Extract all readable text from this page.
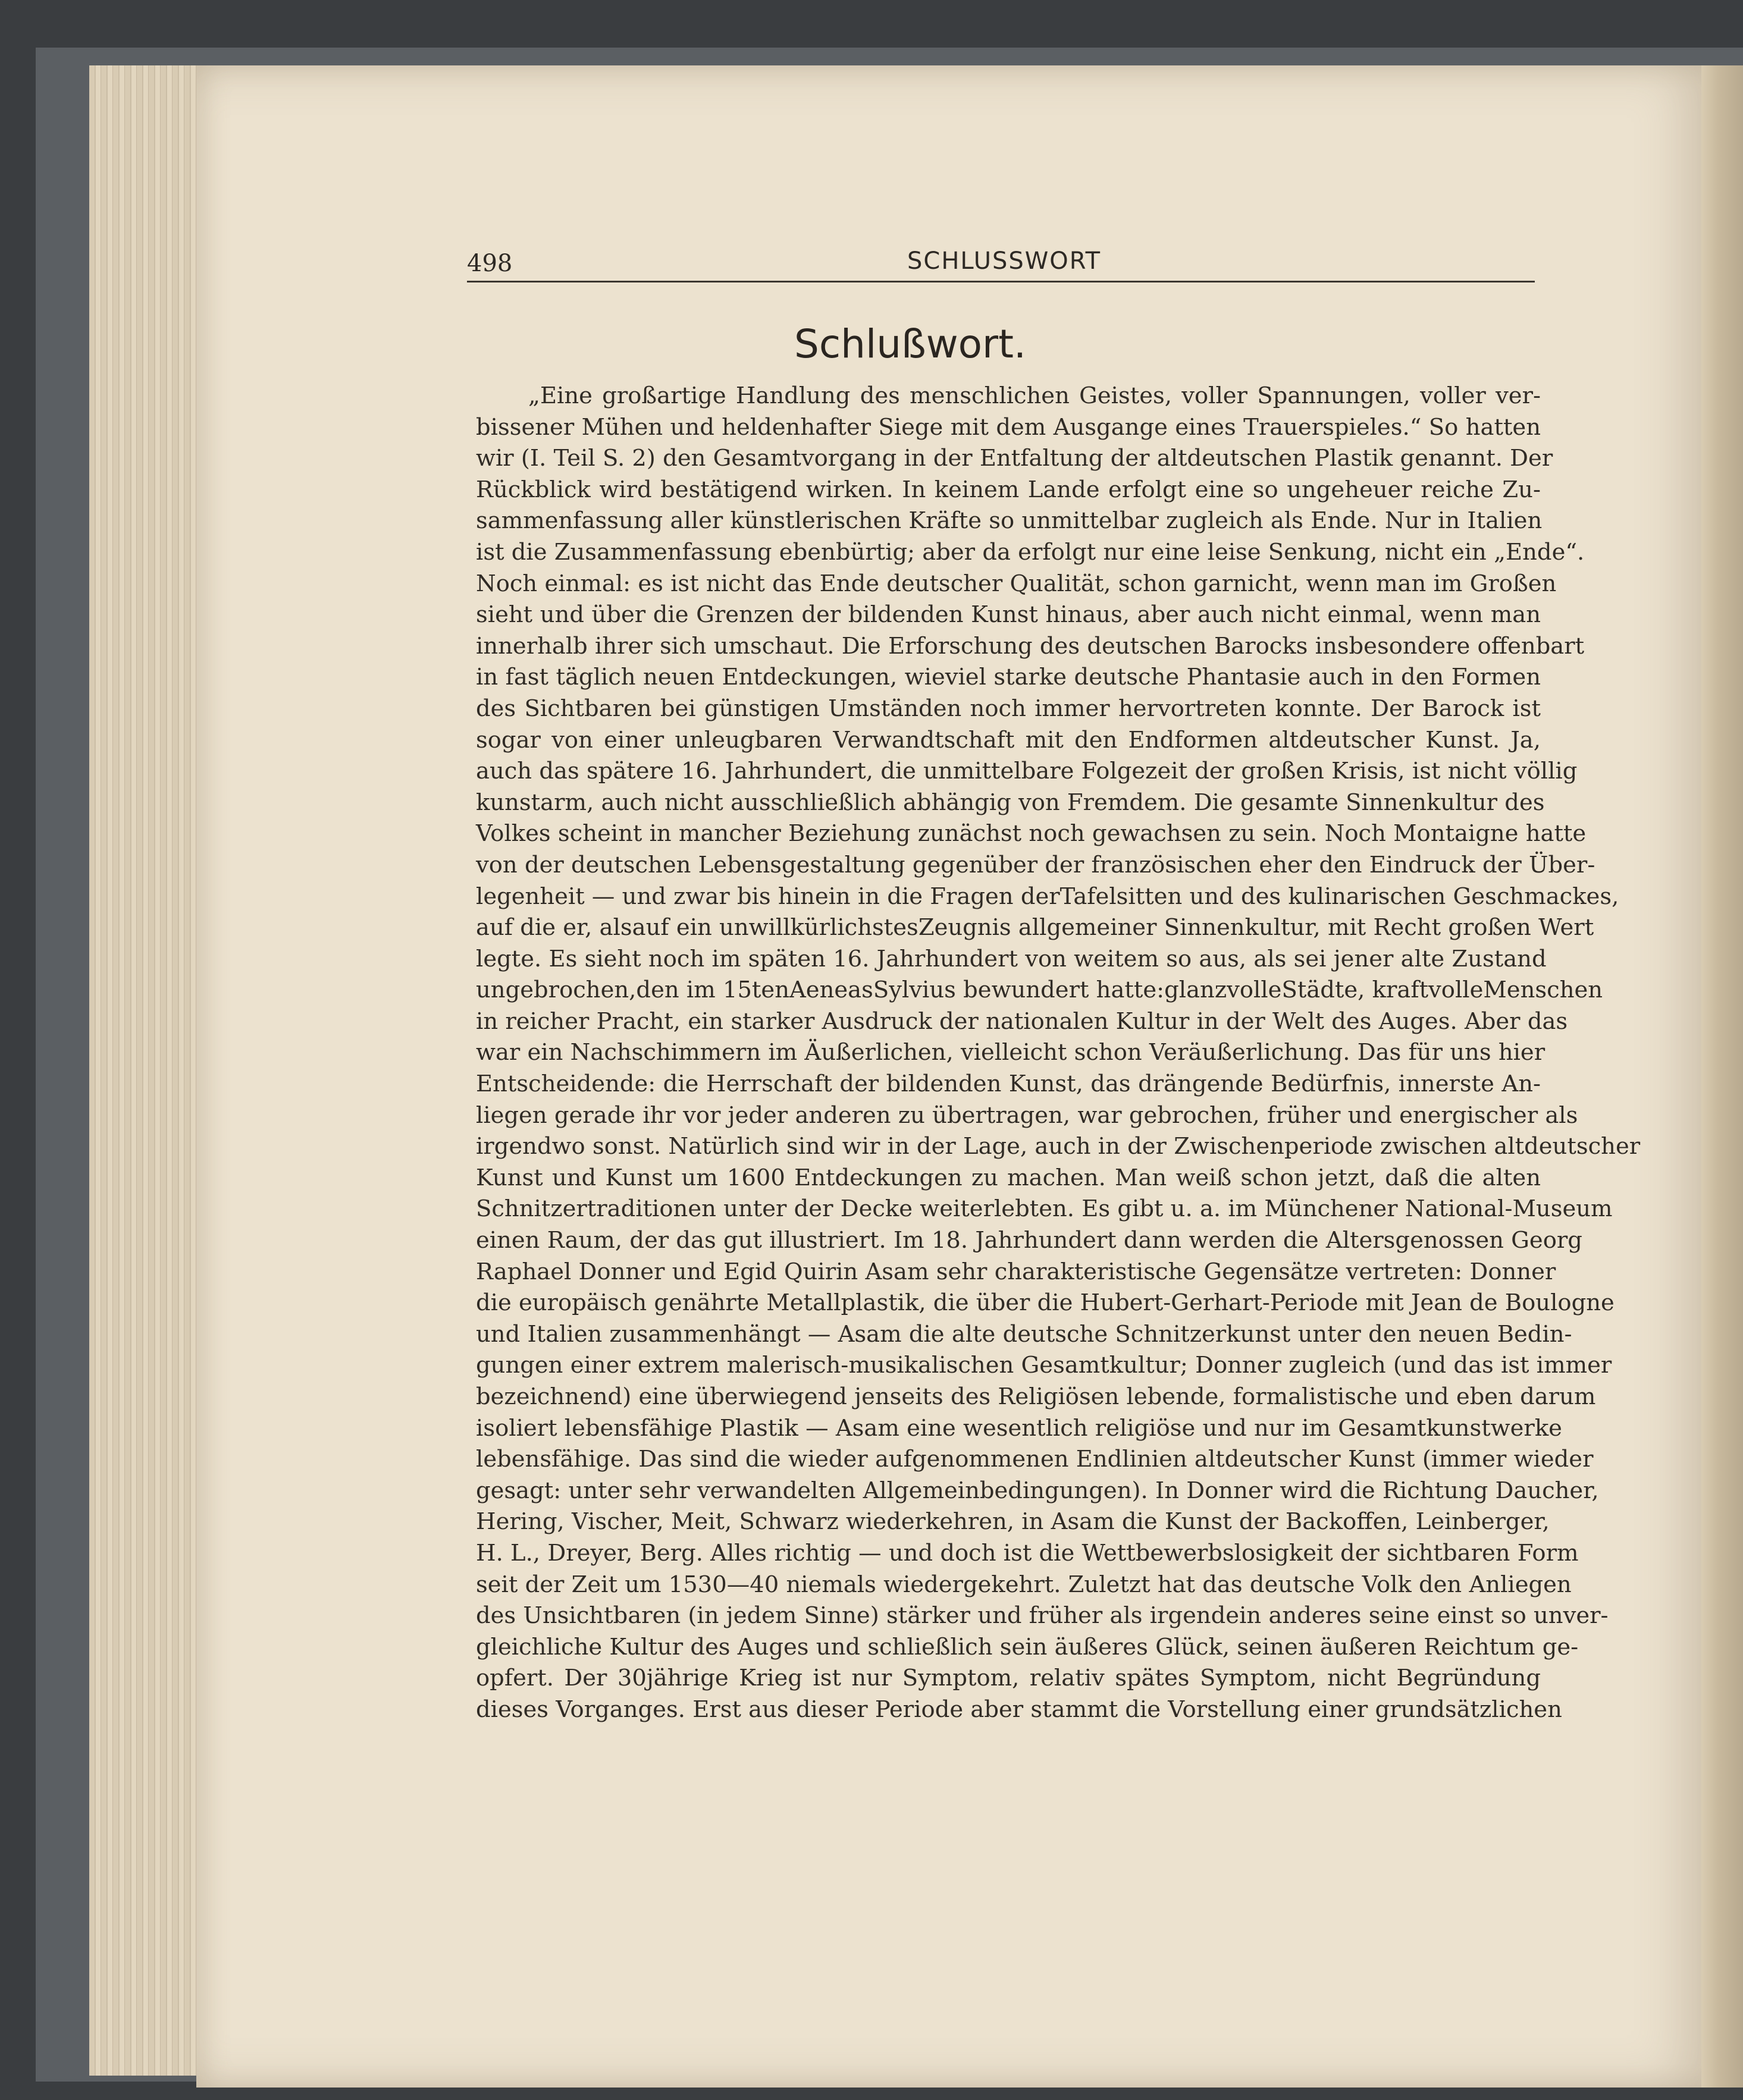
498	SCHLUSSWORT
Schlußwort.
„Eine großartige Handlung des menschlichen Geistes, voller Spannungen, voller ver-
bissener Mühen und heldenhafter Siege mit dem Ausgange eines Trauerspieles.“ So hatten
wir (I. Teil S. 2) den Gesamtvorgang in der Entfaltung der altdeutschen Plastik genannt. Der
Rückblick wird bestätigend wirken. In keinem Lande erfolgt eine so ungeheuer reiche Zu-
sammenfassung aller künstlerischen Kräfte so unmittelbar zugleich als Ende. Nur in Italien
ist die Zusammenfassung ebenbürtig; aber da erfolgt nur eine leise Senkung, nicht ein „Ende“.
Noch einmal: es ist nicht das Ende deutscher Qualität, schon garnicht, wenn man im Großen
sieht und über die Grenzen der bildenden Kunst hinaus, aber auch nicht einmal, wenn man
innerhalb ihrer sich umschaut. Die Erforschung des deutschen Barocks insbesondere offenbart
in fast täglich neuen Entdeckungen, wieviel starke deutsche Phantasie auch in den Formen
des Sichtbaren bei günstigen Umständen noch immer hervortreten konnte. Der Barock ist
sogar von einer unleugbaren Verwandtschaft mit den Endformen altdeutscher Kunst. Ja,
auch das spätere 16. Jahrhundert, die unmittelbare Folgezeit der großen Krisis, ist nicht völlig
kunstarm, auch nicht ausschließlich abhängig von Fremdem. Die gesamte Sinnenkultur des
Volkes scheint in mancher Beziehung zunächst noch gewachsen zu sein. Noch Montaigne hatte
von der deutschen Lebensgestaltung gegenüber der französischen eher den Eindruck der Über-
legenheit — und zwar bis hinein in die Fragen derTafelsitten und des kulinarischen Geschmackes,
auf die er, alsauf ein unwillkürlichstesZeugnis allgemeiner Sinnenkultur, mit Recht großen Wert
legte. Es sieht noch im späten 16. Jahrhundert von weitem so aus, als sei jener alte Zustand
ungebrochen,den im 15tenAeneasSylvius bewundert hatte:glanzvolleStädte, kraftvolleMenschen
in reicher Pracht, ein starker Ausdruck der nationalen Kultur in der Welt des Auges. Aber das
war ein Nachschimmern im Äußerlichen, vielleicht schon Veräußerlichung. Das für uns hier
Entscheidende: die Herrschaft der bildenden Kunst, das drängende Bedürfnis, innerste An-
liegen gerade ihr vor jeder anderen zu übertragen, war gebrochen, früher und energischer als
irgendwo sonst. Natürlich sind wir in der Lage, auch in der Zwischenperiode zwischen altdeutscher
Kunst und Kunst um 1600 Entdeckungen zu machen. Man weiß schon jetzt, daß die alten
Schnitzertraditionen unter der Decke weiterlebten. Es gibt u. a. im Münchener National-Museum
einen Raum, der das gut illustriert. Im 18. Jahrhundert dann werden die Altersgenossen Georg
Raphael Donner und Egid Quirin Asam sehr charakteristische Gegensätze vertreten: Donner
die europäisch genährte Metallplastik, die über die Hubert-Gerhart-Periode mit Jean de Boulogne
und Italien zusammenhängt — Asam die alte deutsche Schnitzerkunst unter den neuen Bedin-
gungen einer extrem malerisch-musikalischen Gesamtkultur; Donner zugleich (und das ist immer
bezeichnend) eine überwiegend jenseits des Religiösen lebende, formalistische und eben darum
isoliert lebensfähige Plastik — Asam eine wesentlich religiöse und nur im Gesamtkunstwerke
lebensfähige. Das sind die wieder aufgenommenen Endlinien altdeutscher Kunst (immer wieder
gesagt: unter sehr verwandelten Allgemeinbedingungen). In Donner wird die Richtung Daucher,
Hering, Vischer, Meit, Schwarz wiederkehren, in Asam die Kunst der Backoffen, Leinberger,
H. L., Dreyer, Berg. Alles richtig — und doch ist die Wettbewerbslosigkeit der sichtbaren Form
seit der Zeit um 1530—40 niemals wiedergekehrt. Zuletzt hat das deutsche Volk den Anliegen
des Unsichtbaren (in jedem Sinne) stärker und früher als irgendein anderes seine einst so unver-
gleichliche Kultur des Auges und schließlich sein äußeres Glück, seinen äußeren Reichtum ge-
opfert. Der 30jährige Krieg ist nur Symptom, relativ spätes Symptom, nicht Begründung
dieses Vorganges. Erst aus dieser Periode aber stammt die Vorstellung einer grundsätzlichen
